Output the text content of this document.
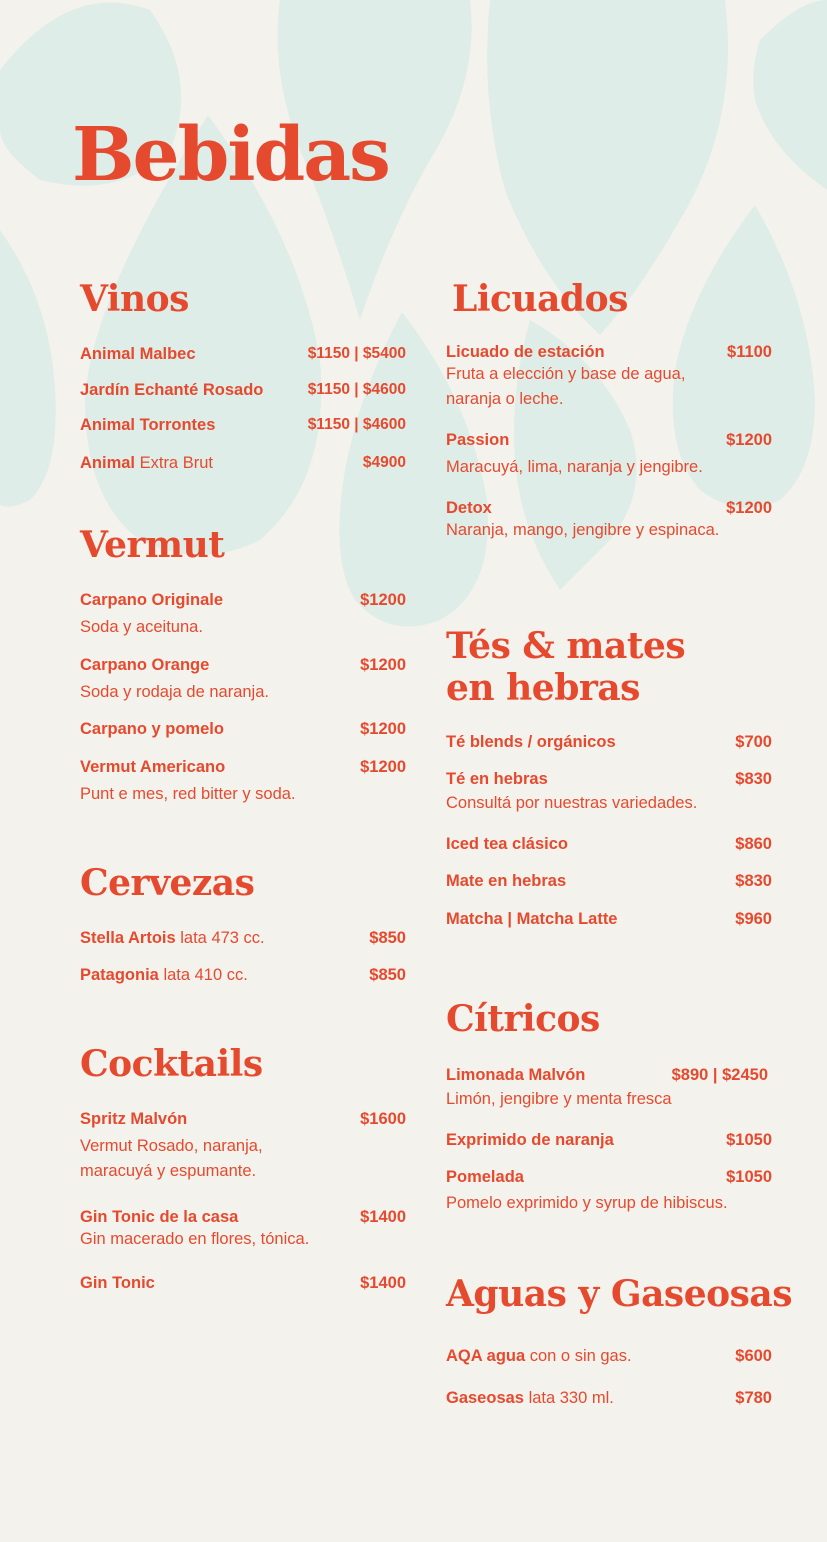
Bebidas
Vinos
Animal Malbec	$1150 | $5400
Jardín Echanté Rosado	$1150 | $4600
Animal Torrontes	$1150 | $4600
Animal Extra Brut	$4900
Vermut
Carpano Originale	$1200
Soda y aceituna.
Carpano Orange	$1200
Soda y rodaja de naranja.
Carpano y pomelo	$1200
Vermut Americano	$1200
Punt e mes, red bitter y soda.
Cervezas
Stella Artois lata 473 cc.	$850
Patagonia lata 410 cc.	$850
Cocktails
Spritz Malvón	$1600
Vermut Rosado, naranja, maracuyá y espumante.
Gin Tonic de la casa	$1400
Gin macerado en flores, tónica.
Gin Tonic	$1400
Licuados
Licuado de estación	$1100
Fruta a elección y base de agua, naranja o leche.
Passion	$1200
Maracuyá, lima, naranja y jengibre.
Detox	$1200
Naranja, mango, jengibre y espinaca.
Tés & mates
en hebras
Té blends / orgánicos	$700
Té en hebras	$830
Consultá por nuestras variedades.
Iced tea clásico	$860
Mate en hebras	$830
Matcha | Matcha Latte	$960
Cítricos
Limonada Malvón	$890 | $2450
Limón, jengibre y menta fresca
Exprimido de naranja	$1050
Pomelada	$1050
Pomelo exprimido y syrup de hibiscus.
Aguas y Gaseosas
AQA agua con o sin gas.	$600
Gaseosas lata 330 ml.	$780
